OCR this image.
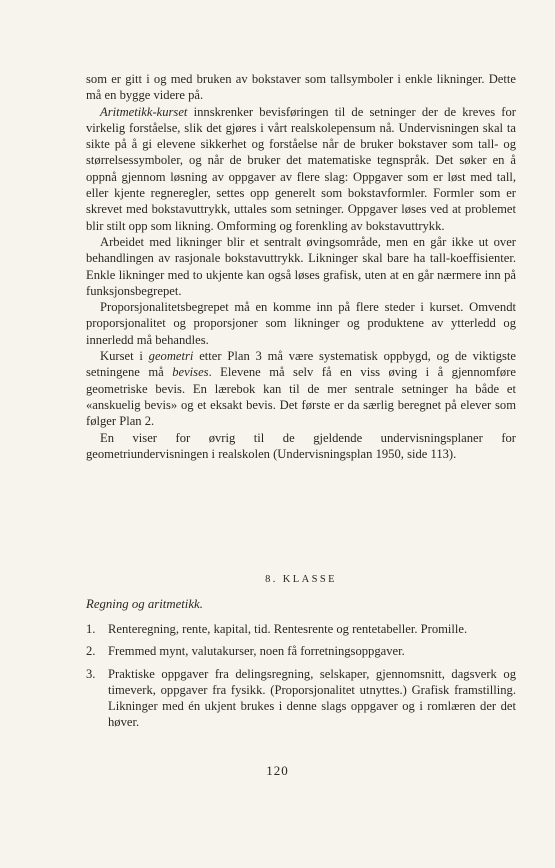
som er gitt i og med bruken av bokstaver som tallsymboler i enkle likninger. Dette må en bygge videre på.

Aritmetikk-kurset innskrenker bevisføringen til de setninger der de kreves for virkelig forståelse, slik det gjøres i vårt realskolepensum nå. Undervisningen skal ta sikte på å gi elevene sikkerhet og forståelse når de bruker bokstaver som tall- og størrelsessymboler, og når de bruker det matematiske tegnspråk. Det søker en å oppnå gjennom løsning av oppgaver av flere slag: Oppgaver som er løst med tall, eller kjente regneregler, settes opp generelt som bokstavformler. Formler som er skrevet med bokstavuttrykk, uttales som setninger. Oppgaver løses ved at problemet blir stilt opp som likning. Omforming og forenkling av bokstavuttrykk.

Arbeidet med likninger blir et sentralt øvingsområde, men en går ikke ut over behandlingen av rasjonale bokstavuttrykk. Likninger skal bare ha tall-koeffisienter. Enkle likninger med to ukjente kan også løses grafisk, uten at en går nærmere inn på funksjonsbegrepet.

Proporsjonalitetsbegrepet må en komme inn på flere steder i kurset. Omvendt proporsjonalitet og proporsjoner som likninger og produktene av ytterledd og innerledd må behandles.

Kurset i geometri etter Plan 3 må være systematisk oppbygd, og de viktigste setningene må bevises. Elevene må selv få en viss øving i å gjennomføre geometriske bevis. En lærebok kan til de mer sentrale setninger ha både et «anskuelig bevis» og et eksakt bevis. Det første er da særlig beregnet på elever som følger Plan 2.

En viser for øvrig til de gjeldende undervisningsplaner for geometriundervisningen i realskolen (Undervisningsplan 1950, side 113).

8. KLASSE
Regning og aritmetikk.
1. Renteregning, rente, kapital, tid. Rentesrente og rentetabeller. Promille.
2. Fremmed mynt, valutakurser, noen få forretningsoppgaver.
3. Praktiske oppgaver fra delingsregning, selskaper, gjennomsnitt, dagsverk og timeverk, oppgaver fra fysikk. (Proporsjonalitet utnyttes.) Grafisk framstilling. Likninger med én ukjent brukes i denne slags oppgaver og i romlæren der det høver.
120
